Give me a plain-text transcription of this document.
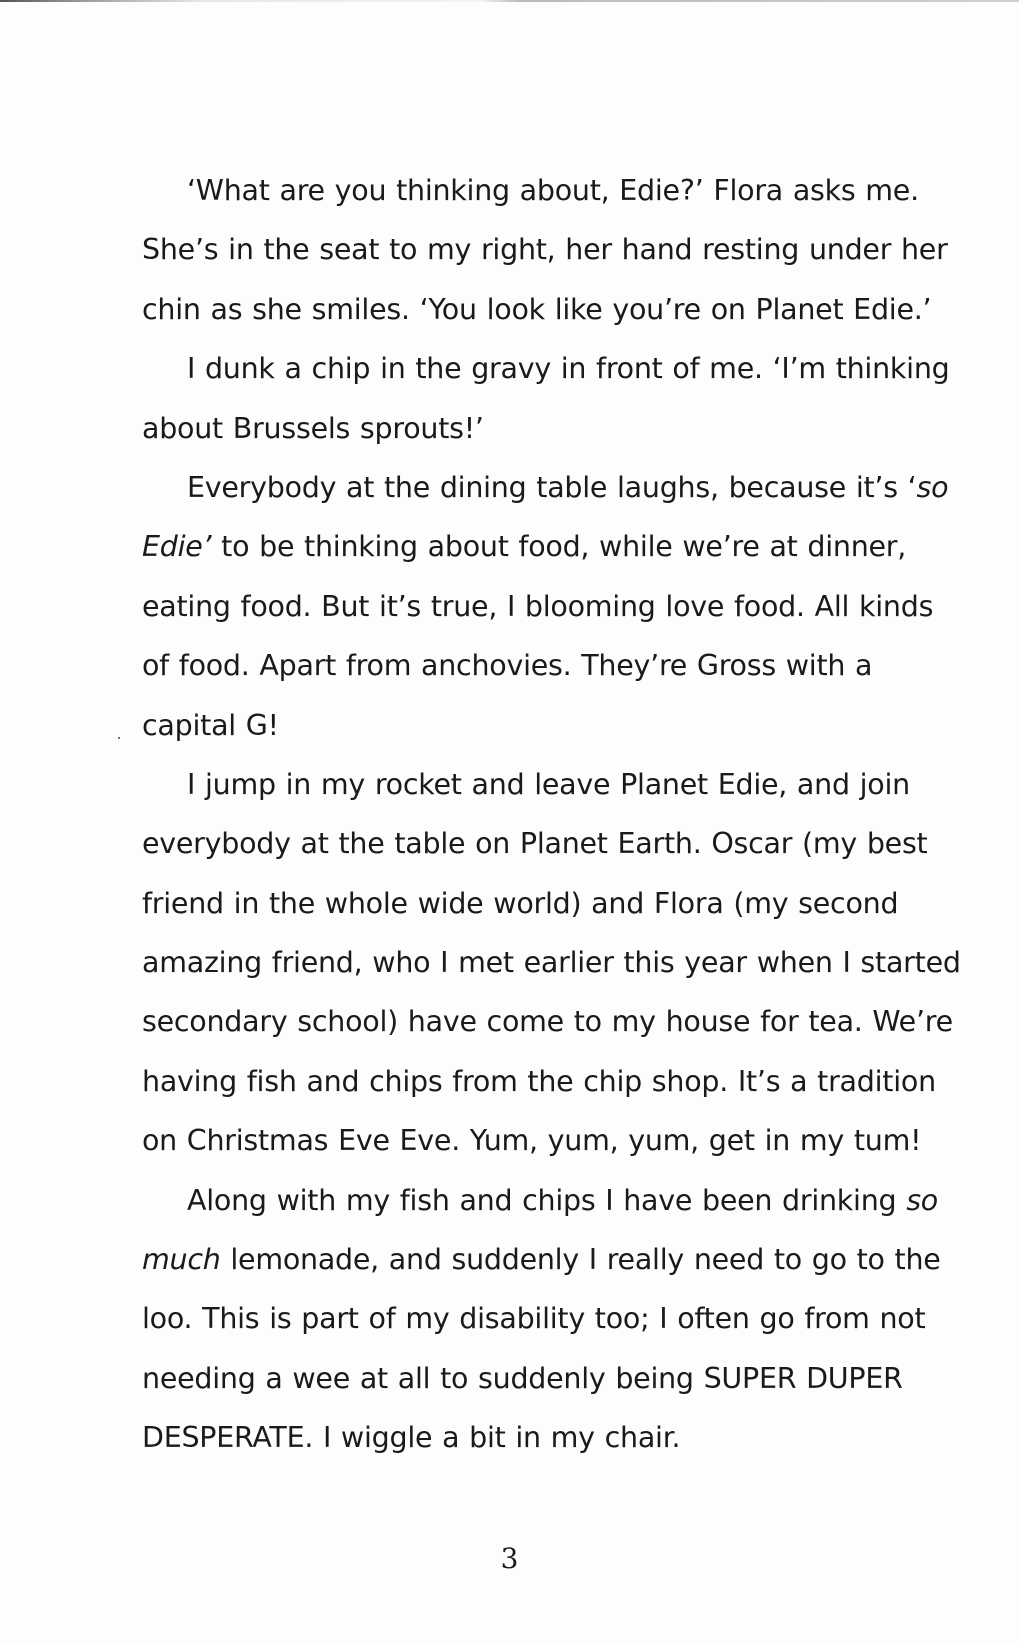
‘What are you thinking about, Edie?’ Flora asks me.
She’s in the seat to my right, her hand resting under her
chin as she smiles. ‘You look like you’re on Planet Edie.’
I dunk a chip in the gravy in front of me. ‘I’m thinking
about Brussels sprouts!’
Everybody at the dining table laughs, because it’s ‘so
Edie’ to be thinking about food, while we’re at dinner,
eating food. But it’s true, I blooming love food. All kinds
of food. Apart from anchovies. They’re Gross with a
capital G!
I jump in my rocket and leave Planet Edie, and join
everybody at the table on Planet Earth. Oscar (my best
friend in the whole wide world) and Flora (my second
amazing friend, who I met earlier this year when I started
secondary school) have come to my house for tea. We’re
having fish and chips from the chip shop. It’s a tradition
on Christmas Eve Eve. Yum, yum, yum, get in my tum!
Along with my fish and chips I have been drinking so
much lemonade, and suddenly I really need to go to the
loo. This is part of my disability too; I often go from not
needing a wee at all to suddenly being SUPER DUPER
DESPERATE. I wiggle a bit in my chair.
3
